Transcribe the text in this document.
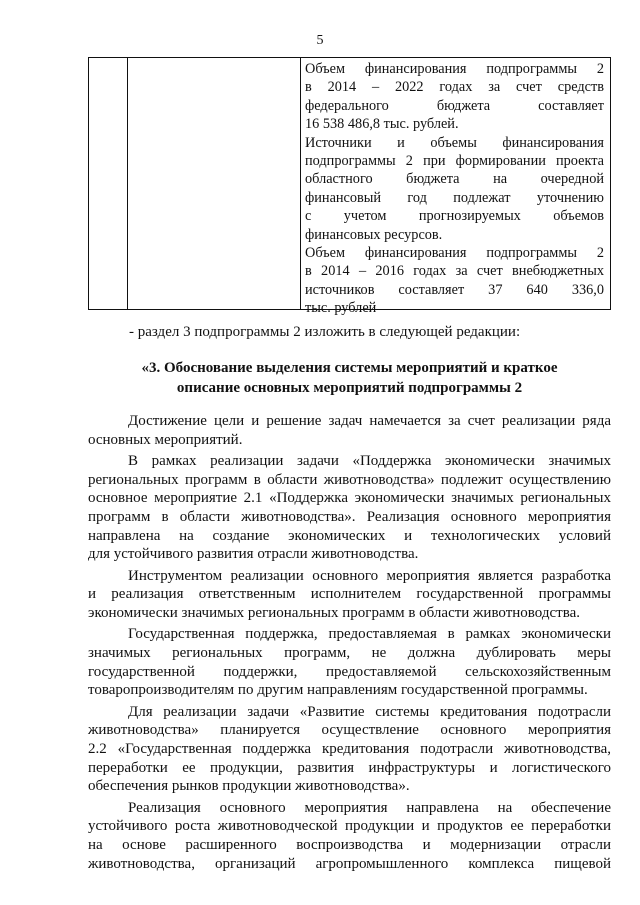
5
Объем финансирования подпрограммы 2
в 2014 – 2022 годах за счет средств
федерального бюджета составляет
16 538 486,8 тыс. рублей.
Источники и объемы финансирования
подпрограммы 2 при формировании проекта
областного бюджета на очередной
финансовый год подлежат уточнению
с учетом прогнозируемых объемов
финансовых ресурсов.
Объем финансирования подпрограммы 2
в 2014 – 2016 годах за счет внебюджетных
источников составляет 37 640 336,0
тыс. рублей
- раздел 3 подпрограммы 2 изложить в следующей редакции:
«3. Обоснование выделения системы мероприятий и краткое
описание основных мероприятий подпрограммы 2
Достижение цели и решение задач намечается за счет реализации ряда
основных мероприятий.
В рамках реализации задачи «Поддержка экономически значимых
региональных программ в области животноводства» подлежит осуществлению
основное мероприятие 2.1 «Поддержка экономически значимых региональных
программ в области животноводства». Реализация основного мероприятия
направлена на создание экономических и технологических условий
для устойчивого развития отрасли животноводства.
Инструментом реализации основного мероприятия является разработка
и реализация ответственным исполнителем государственной программы
экономически значимых региональных программ в области животноводства.
Государственная поддержка, предоставляемая в рамках экономически
значимых региональных программ, не должна дублировать меры
государственной поддержки, предоставляемой сельскохозяйственным
товаропроизводителям по другим направлениям государственной программы.
Для реализации задачи «Развитие системы кредитования подотрасли
животноводства» планируется осуществление основного мероприятия
2.2 «Государственная поддержка кредитования подотрасли животноводства,
переработки ее продукции, развития инфраструктуры и логистического
обеспечения рынков продукции животноводства».
Реализация основного мероприятия направлена на обеспечение
устойчивого роста животноводческой продукции и продуктов ее переработки
на основе расширенного воспроизводства и модернизации отрасли
животноводства, организаций агропромышленного комплекса пищевой
